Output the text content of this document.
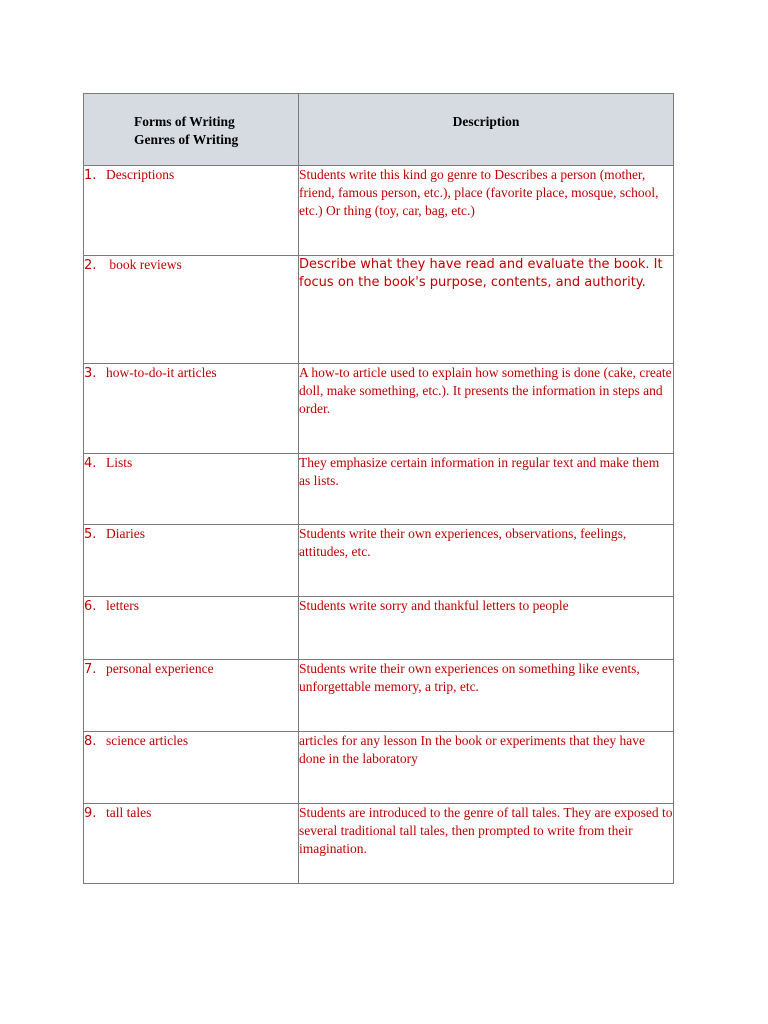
Forms of Writing
Genres of Writing	Description
1. Descriptions	Students write this kind go genre to Describes a person (mother, friend, famous person, etc.), place (favorite place, mosque, school, etc.) Or thing (toy, car, bag, etc.)
2. book reviews	Describe what they have read and evaluate the book. It focus on the book's purpose, contents, and authority.
3. how-to-do-it articles	A how-to article used to explain how something is done (cake, create doll, make something, etc.). It presents the information in steps and order.
4. Lists	They emphasize certain information in regular text and make them as lists.
5. Diaries	Students write their own experiences, observations, feelings, attitudes, etc.
6. letters	Students write sorry and thankful letters to people
7. personal experience	Students write their own experiences on something like events, unforgettable memory, a trip, etc.
8. science articles	articles for any lesson In the book or experiments that they have done in the laboratory
9. tall tales	Students are introduced to the genre of tall tales. They are exposed to several traditional tall tales, then prompted to write from their imagination.
